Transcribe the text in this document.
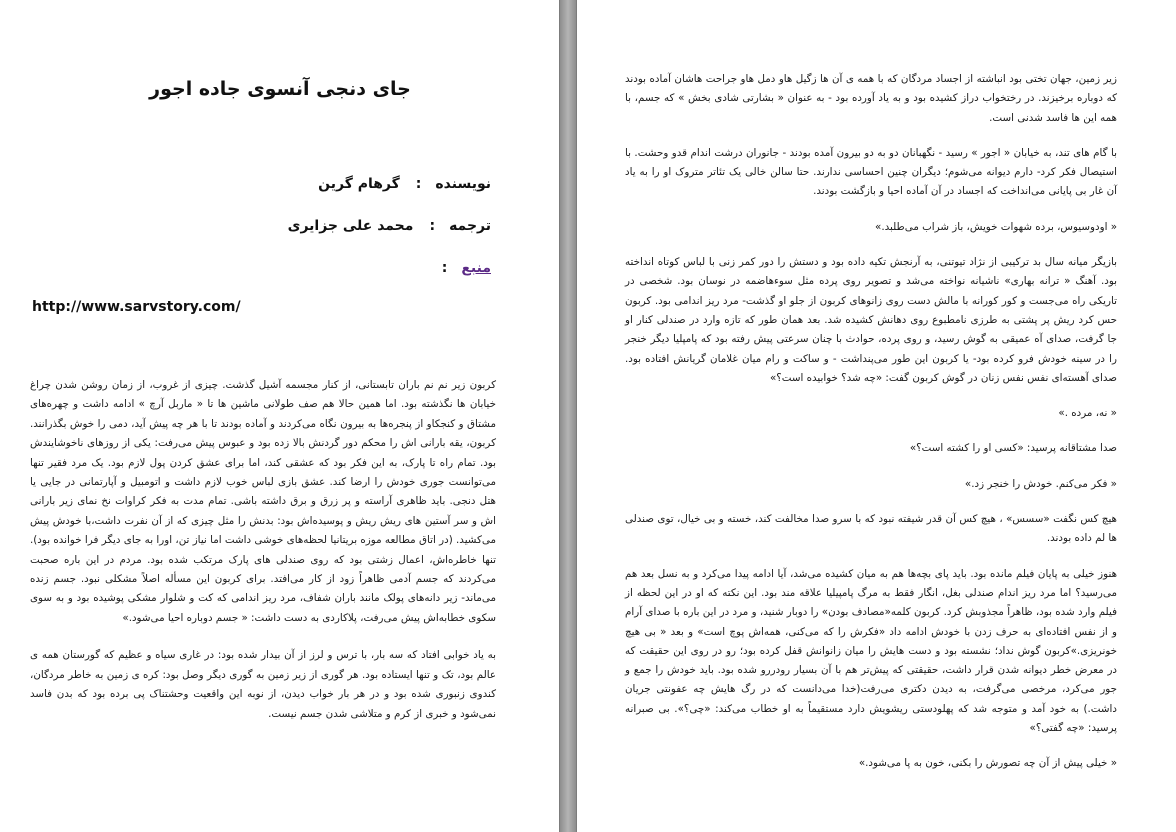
جای دنجی آنسوی جاده اجور
نویسنده:گرهام گرین
ترجمه:محمد علی جزایری
منبع:
http://www.sarvstory.com/

کربون زیر نم نم باران تابستانی، از کنار مجسمه آشیل گذشت. چیزی از غروب، از زمان روشن شدن چراغ خیابان ها نگذشته بود. اما همین حالا هم صف طولانی ماشین ها تا « ماربل آرچ » ادامه داشت و چهره‌های مشتاق و کنجکاو از پنجره‌ها به بیرون نگاه می‌کردند و آماده بودند تا با هر چه پیش آید، دمی را خوش بگذرانند. کربون، یقه بارانی اش را محکم دور گردنش بالا زده بود و عبوس پیش می‌رفت: یکی از روزهای ناخوشایندش بود. تمام راه تا پارک، به این فکر بود که عشقی کند، اما برای عشق کردن پول لازم بود. یک مرد فقیر تنها می‌توانست جوری خودش را ارضا کند. عشق بازی لباس خوب لازم داشت و اتومبیل و آپارتمانی در جایی یا هتل دنجی. باید ظاهری آراسته و پر زرق و برق داشته باشی. تمام مدت به فکر کراوات نخ نمای زیر بارانی اش و سر آستین های ریش ریش و پوسیده‌اش بود: بدنش را مثل چیزی که از آن نفرت داشت،با خودش پیش می‌کشید. (در اتاق مطالعه موزه بریتانیا لحظه‌های خوشی داشت اما نیاز تن، اورا به جای دیگر فرا خوانده بود). تنها خاطره‌اش، اعمال زشتی بود که روی صندلی های پارک مرتکب شده بود. مردم در این باره صحبت می‌کردند که جسم آدمی ظاهراً زود از کار می‌افتد. برای کربون این مسأله اصلاً مشکلی نبود. جسم زنده می‌ماند- زیر دانه‌های پولک مانند باران شفاف، مرد ریز اندامی که کت و شلوار مشکی پوشیده بود و به سوی سکوی خطابه‌اش پیش می‌رفت، پلاکاردی به دست داشت: « جسم دوباره احیا می‌شود.»

به یاد خوابی افتاد که سه بار، با ترس و لرز از آن بیدار شده بود: در غاری سیاه و عظیم که گورستان همه ی عالم بود، تک و تنها ایستاده بود. هر گوری از زیر زمین به گوری دیگر وصل بود: کره ی زمین به خاطر مردگان، کندوی زنبوری شده بود و در هر بار خواب دیدن، از نوبه این واقعیت وحشتناک پی برده بود که بدن فاسد نمی‌شود و خبری از کرم و متلاشی شدن جسم نیست.

زیر زمین، جهان تختی بود انباشته از اجساد مردگان که با همه ی آن ها زگیل هاو دمل هاو جراحت هاشان آماده بودند که دوباره برخیزند. در رختخواب دراز کشیده بود و به یاد آورده بود - به عنوان « بشارتی شادی بخش » که جسم، با همه این ها فاسد شدنی است.

با گام های تند، به خیابان « اجور » رسید - نگهبانان دو به دو بیرون آمده بودند - جانوران درشت اندام قدو وحشت. با استیصال فکر کرد- دارم دیوانه می‌شوم؛ دیگران چنین احساسی ندارند. حتا سالن خالی یک تئاتر متروک او را به یاد آن غار بی پایانی می‌انداخت که اجساد در آن آماده احیا و بازگشت بودند.

« اودوسیوس، برده شهوات خویش، باز شراب می‌طلبد.»

بازیگر میانه سال بد ترکیبی از نژاد تیوتنی، به آرنجش تکیه داده بود و دستش را دور کمر زنی با لباس کوتاه انداخته بود. آهنگ « ترانه بهاری» ناشیانه نواخته می‌شد و تصویر روی پرده مثل سوءهاضمه در نوسان بود. شخصی در تاریکی راه می‌جست و کور کورانه با مالش دست روی زانوهای کربون از جلو او گذشت- مرد ریز اندامی بود. کربون حس کرد ریش پر پشتی به طرزی نامطبوع روی دهانش کشیده شد. بعد همان طور که تازه وارد در صندلی کنار او جا گرفت، صدای آه عمیقی به گوش رسید، و روی پرده، حوادث با چنان سرعتی پیش رفته بود که پامپلیا دیگر خنجر را در سینه خودش فرو کرده بود- یا کربون این طور می‌پنداشت - و ساکت و رام میان غلامان گریانش افتاده بود. صدای آهسته‌ای نفس نفس زنان در گوش کربون گفت: «چه شد؟ خوابیده است؟»

« نه، مرده .»

صدا مشتاقانه پرسید: «کسی او را کشته است؟»

« فکر می‌کنم. خودش را خنجر زد.»

هیچ کس نگفت «سسس» ، هیچ کس آن قدر شیفته نبود که با سرو صدا مخالفت کند، خسته و بی خیال، توی صندلی ها لم داده بودند.

هنوز خیلی به پایان فیلم مانده بود. باید پای بچه‌ها هم به میان کشیده می‌شد، آیا ادامه پیدا می‌کرد و به نسل بعد هم می‌رسید؟ اما مرد ریز اندام صندلی بغل، انگار فقط به مرگ پامپیلیا علاقه مند بود. این نکته که او در این لحظه از فیلم وارد شده بود، ظاهراً مجذوبش کرد. کربون کلمه«مصادف بودن» را دوبار شنید، و مرد در این باره با صدای آرام و از نفس افتاده‌ای به حرف زدن با خودش ادامه داد «فکرش را که می‌کنی، همه‌اش پوچ است» و بعد « بی هیچ خونریزی.»کربون گوش نداد؛ نشسته بود و دست هایش را میان زانوانش قفل کرده بود؛ رو در روی این حقیقت که در معرض خطر دیوانه شدن قرار داشت، حقیقتی که پیش‌تر هم با آن بسیار رودررو شده بود. باید خودش را جمع و جور می‌کرد، مرخصی می‌گرفت، به دیدن دکتری می‌رفت(خدا می‌دانست که در رگ هایش چه عفونتی جریان داشت.) به خود آمد و متوجه شد که پهلودستی ریشویش دارد مستقیماً به او خطاب می‌کند: «چی؟». بی صبرانه پرسید: «چه گفتی؟»

« خیلی پیش از آن چه تصورش را بکنی، خون به پا می‌شود.»
